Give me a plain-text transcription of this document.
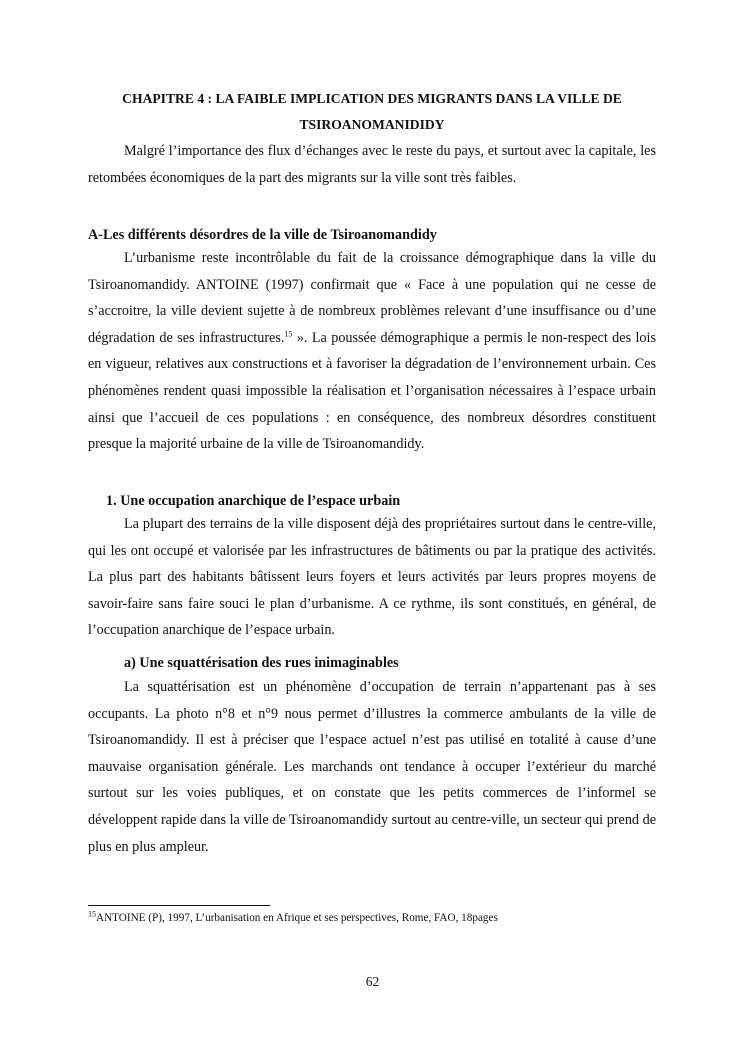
CHAPITRE 4 : LA FAIBLE IMPLICATION DES MIGRANTS DANS LA VILLE DE TSIROANOMANIDIDY

Malgré l’importance des flux d’échanges avec le reste du pays, et surtout avec la capitale, les retombées économiques de la part des migrants sur la ville sont très faibles.

A-Les différents désordres de la ville de Tsiroanomandidy

L’urbanisme reste incontrôlable du fait de la croissance démographique dans la ville du Tsiroanomandidy. ANTOINE (1997) confirmait que « Face à une population qui ne cesse de s’accroitre, la ville devient sujette à de nombreux problèmes relevant d’une insuffisance ou d’une dégradation de ses infrastructures.$^{15}$ ». La poussée démographique a permis le non-respect des lois en vigueur, relatives aux constructions et à favoriser la dégradation de l’environnement urbain. Ces phénomènes rendent quasi impossible la réalisation et l’organisation nécessaires à l’espace urbain ainsi que l’accueil de ces populations : en conséquence, des nombreux désordres constituent presque la majorité urbaine de la ville de Tsiroanomandidy.

1. Une occupation anarchique de l’espace urbain

La plupart des terrains de la ville disposent déjà des propriétaires surtout dans le centre-ville, qui les ont occupé et valorisée par les infrastructures de bâtiments ou par la pratique des activités. La plus part des habitants bâtissent leurs foyers et leurs activités par leurs propres moyens de savoir-faire sans faire souci le plan d’urbanisme. A ce rythme, ils sont constitués, en général, de l’occupation anarchique de l’espace urbain.

a) Une squattérisation des rues inimaginables

La squattérisation est un phénomène d’occupation de terrain n’appartenant pas à ses occupants. La photo n°8 et n°9 nous permet d’illustres la commerce ambulants de la ville de Tsiroanomandidy. Il est à préciser que l’espace actuel n’est pas utilisé en totalité à cause d’une mauvaise organisation générale. Les marchands ont tendance à occuper l’extérieur du marché surtout sur les voies publiques, et on constate que les petits commerces de l’informel se développent rapide dans la ville de Tsiroanomandidy surtout au centre-ville, un secteur qui prend de plus en plus ampleur.

$^{15}$ANTOINE (P), 1997, L’urbanisation en Afrique et ses perspectives, Rome, FAO, 18pages

62
